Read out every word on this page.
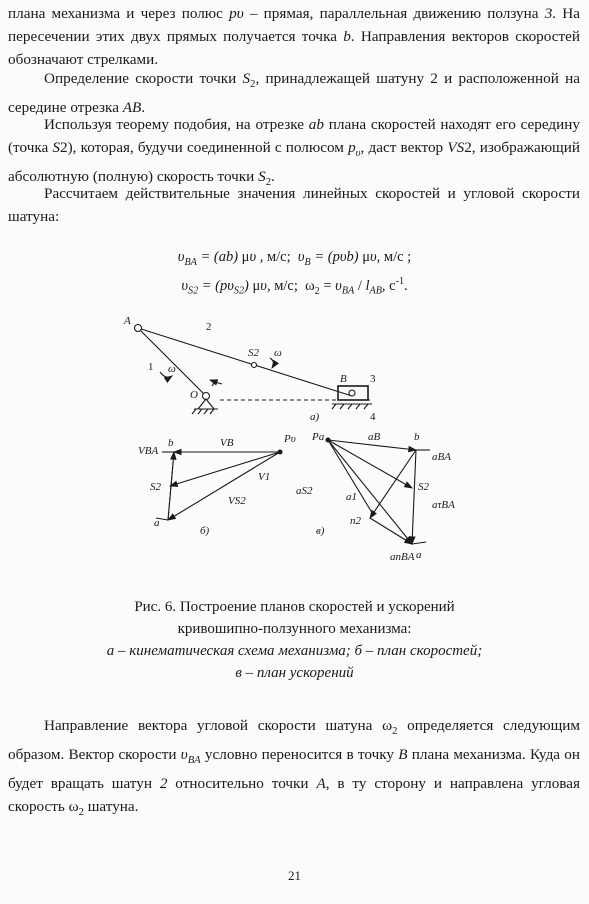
плана механизма и через полюс pυ – прямая, параллельная движению ползуна 3. На пересечении этих двух прямых получается точка b. Направления векторов скоростей обозначают стрелками.

Определение скорости точки $S_2$, принадлежащей шатуну 2 и расположенной на середине отрезка AB.

Используя теорему подобия, на отрезке ab плана скоростей находят его середину (точка S2), которая, будучи соединенной с полюсом $p_\upsilon$, даст вектор VS2, изображающий абсолютную (полную) скорость точки $S_2$.

Рассчитаем действительные значения линейных скоростей и угловой скорости шатуна:

$\upsilon_{BA} = (ab)$ μυ , м/с;  $\upsilon_B = (p\upsilon b)$ μυ, м/с ;
$\upsilon_{S2} = (p\upsilon_{S2})$ μυ, м/с; $\omega_2 = \upsilon_{BA} / l_{AB}$, $с^{-1}$.
A	2
1
3
4
S2 ω
ω
O
B
а)
VBA
b	VB	Pυ
S2
V1
VS2
a
б)
Pa	aB	b
aBA
aS2	a1
S2
aτBA
n2
anBA a
в)
Рис. 6. Построение планов скоростей и ускорений
кривошипно-ползунного механизма:
а – кинематическая схема механизма; б – план скоростей;
в – план ускорений

Направление вектора угловой скорости шатуна $\omega_2$ определяется следующим образом. Вектор скорости $\upsilon_{BA}$ условно переносится в точку B плана механизма. Куда он будет вращать шатун 2 относительно точки A, в ту сторону и направлена угловая скорость $\omega_2$ шатуна.

21
